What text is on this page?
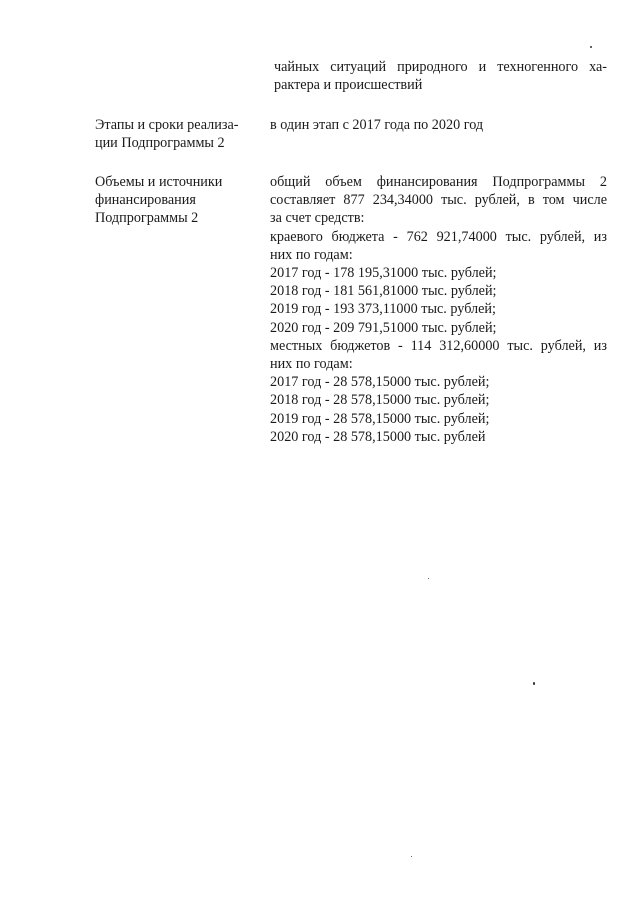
чайных ситуаций природного и техногенного ха-
рактера и происшествий
Этапы и сроки реализа-
ции Подпрограммы 2
в один этап с 2017 года по 2020 год
Объемы и источники
финансирования
Подпрограммы 2
общий объем финансирования Подпрограммы 2
составляет 877 234,34000 тыс. рублей, в том числе
за счет средств:
краевого бюджета - 762 921,74000 тыс. рублей, из
них по годам:
2017 год - 178 195,31000 тыс. рублей;
2018 год - 181 561,81000 тыс. рублей;
2019 год - 193 373,11000 тыс. рублей;
2020 год - 209 791,51000 тыс. рублей;
местных бюджетов - 114 312,60000 тыс. рублей, из
них по годам:
2017 год - 28 578,15000 тыс. рублей;
2018 год - 28 578,15000 тыс. рублей;
2019 год - 28 578,15000 тыс. рублей;
2020 год - 28 578,15000 тыс. рублей
